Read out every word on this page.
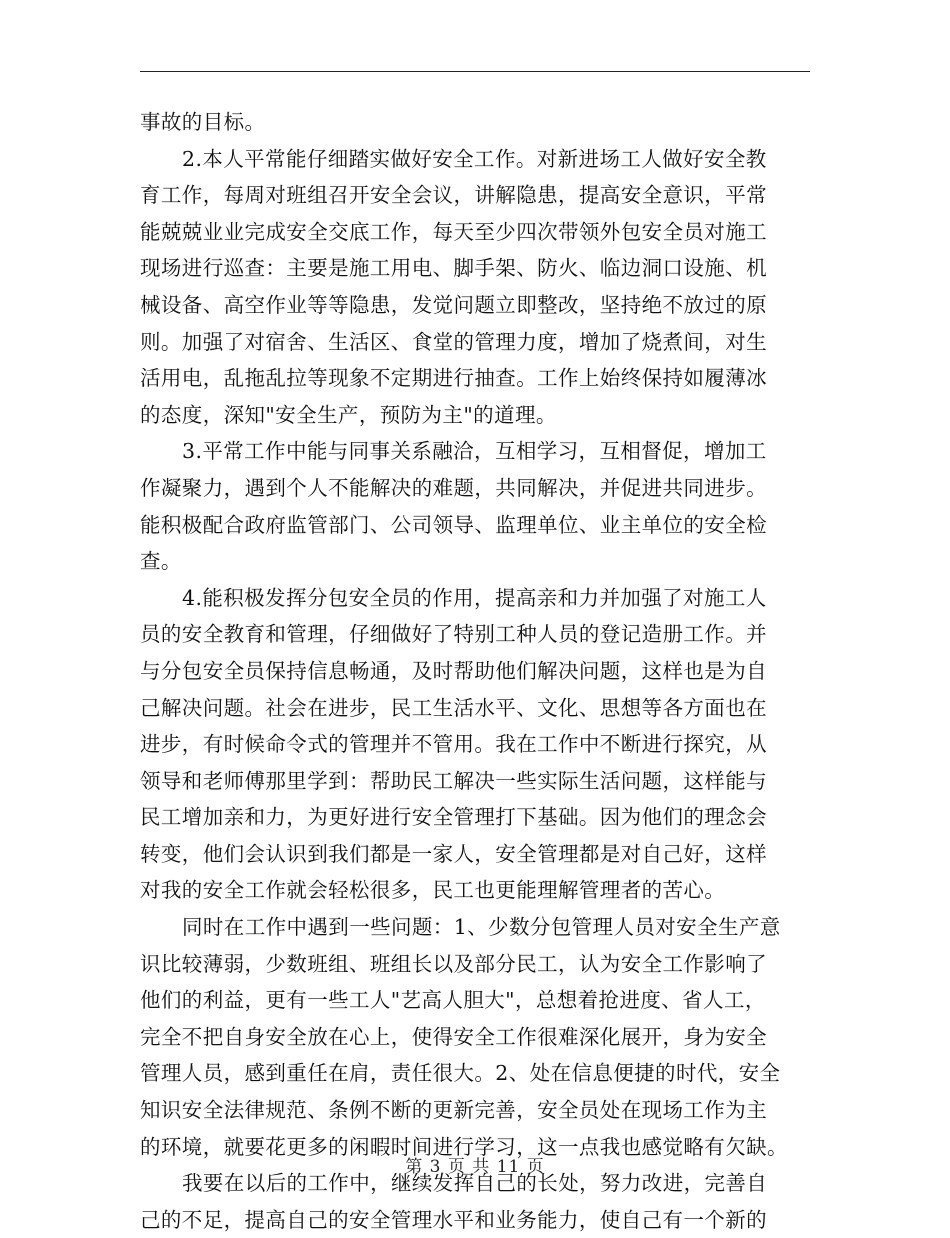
事故的目标。
2.本人平常能仔细踏实做好安全工作。对新进场工人做好安全教
育工作，每周对班组召开安全会议，讲解隐患，提高安全意识，平常
能兢兢业业完成安全交底工作，每天至少四次带领外包安全员对施工
现场进行巡查：主要是施工用电、脚手架、防火、临边洞口设施、机
械设备、高空作业等等隐患，发觉问题立即整改，坚持绝不放过的原
则。加强了对宿舍、生活区、食堂的管理力度，增加了烧煮间，对生
活用电，乱拖乱拉等现象不定期进行抽查。工作上始终保持如履薄冰
的态度，深知"安全生产，预防为主"的道理。
3.平常工作中能与同事关系融洽，互相学习，互相督促，增加工
作凝聚力，遇到个人不能解决的难题，共同解决，并促进共同进步。
能积极配合政府监管部门、公司领导、监理单位、业主单位的安全检
查。
4.能积极发挥分包安全员的作用，提高亲和力并加强了对施工人
员的安全教育和管理，仔细做好了特别工种人员的登记造册工作。并
与分包安全员保持信息畅通，及时帮助他们解决问题，这样也是为自
己解决问题。社会在进步，民工生活水平、文化、思想等各方面也在
进步，有时候命令式的管理并不管用。我在工作中不断进行探究，从
领导和老师傅那里学到：帮助民工解决一些实际生活问题，这样能与
民工增加亲和力，为更好进行安全管理打下基础。因为他们的理念会
转变，他们会认识到我们都是一家人，安全管理都是对自己好，这样
对我的安全工作就会轻松很多，民工也更能理解管理者的苦心。
同时在工作中遇到一些问题：1、少数分包管理人员对安全生产意
识比较薄弱，少数班组、班组长以及部分民工，认为安全工作影响了
他们的利益，更有一些工人"艺高人胆大"，总想着抢进度、省人工，
完全不把自身安全放在心上，使得安全工作很难深化展开，身为安全
管理人员，感到重任在肩，责任很大。2、处在信息便捷的时代，安全
知识安全法律规范、条例不断的更新完善，安全员处在现场工作为主
的环境，就要花更多的闲暇时间进行学习，这一点我也感觉略有欠缺。
我要在以后的工作中，继续发挥自己的长处，努力改进，完善自
己的不足，提高自己的安全管理水平和业务能力，使自己有一个新的
第 3 页 共 11 页
